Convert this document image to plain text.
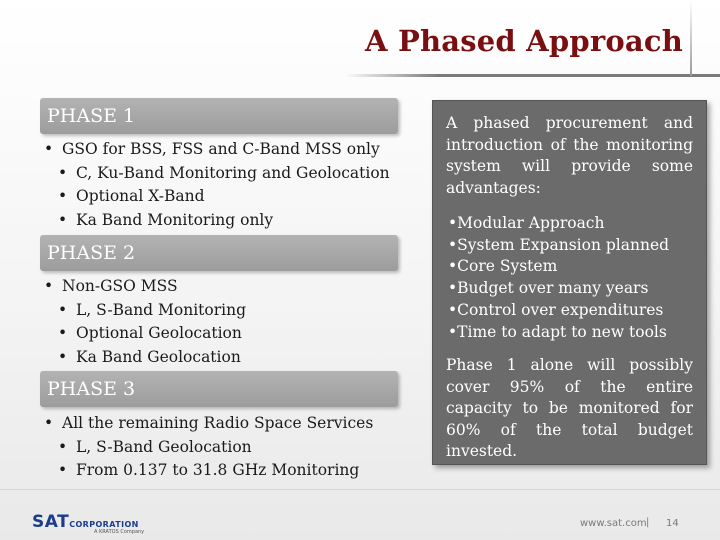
A Phased Approach
PHASE 1
• GSO for BSS, FSS and C-Band MSS only
• C, Ku-Band Monitoring and Geolocation
• Optional X-Band
• Ka Band Monitoring only
PHASE 2
• Non-GSO MSS
• L, S-Band Monitoring
• Optional Geolocation
• Ka Band Geolocation
PHASE 3
• All the remaining Radio Space Services
• L, S-Band Geolocation
• From 0.137 to 31.8 GHz Monitoring

A phased procurement and introduction of the monitoring system will provide some advantages:

•Modular Approach
•System Expansion planned
•Core System
•Budget over many years
•Control over expenditures
•Time to adapt to new tools

Phase 1 alone will possibly cover 95% of the entire capacity to be monitored for 60% of the total budget invested.

SATCORPORATION
A KRATOS Company
www.sat.com | 14
